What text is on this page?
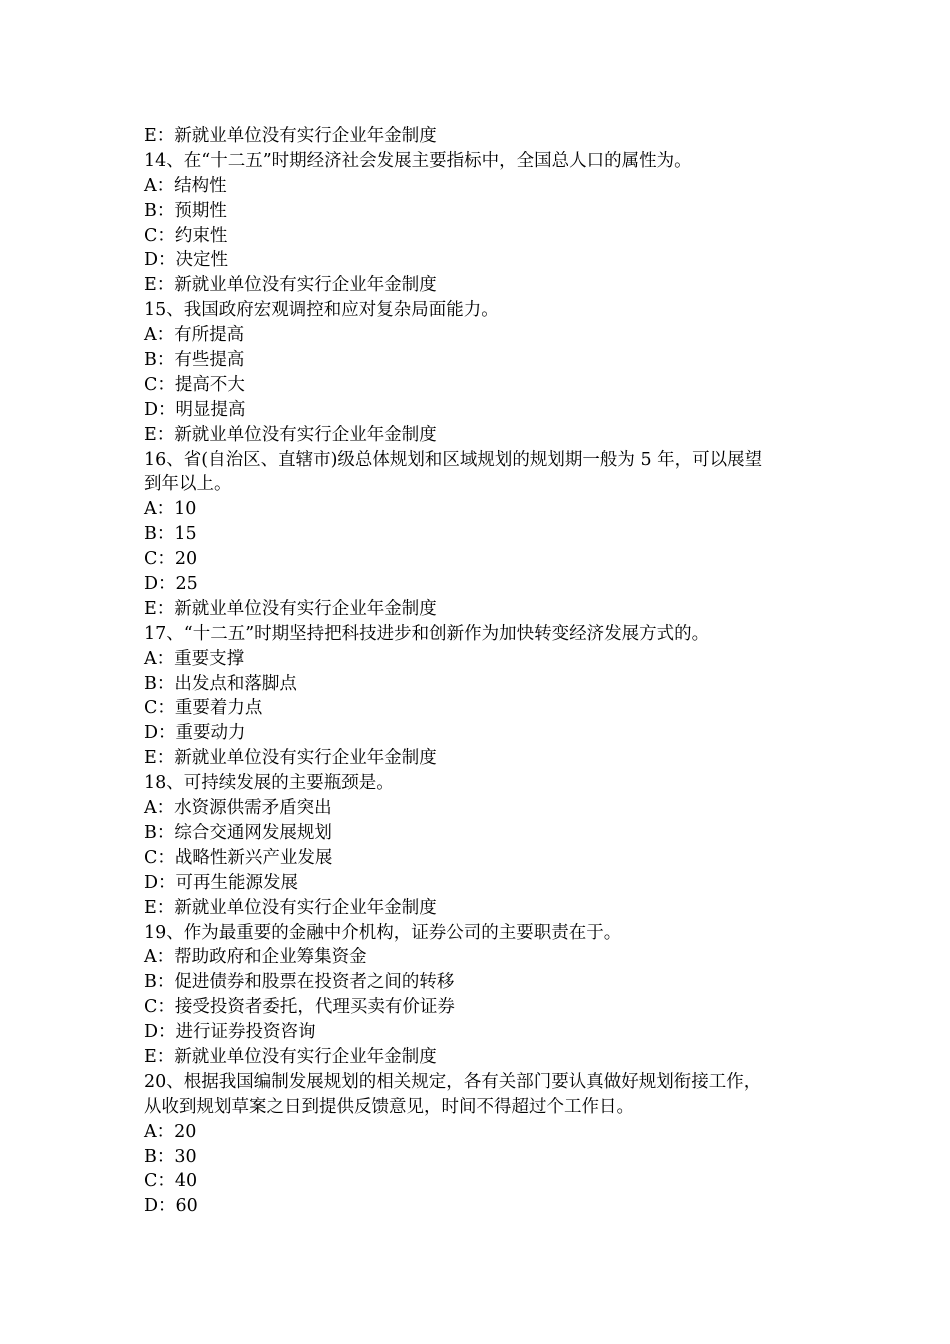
E：新就业单位没有实行企业年金制度

14、在“十二五”时期经济社会发展主要指标中，全国总人口的属性为。

A：结构性

B：预期性

C：约束性

D：决定性

E：新就业单位没有实行企业年金制度

15、我国政府宏观调控和应对复杂局面能力。

A：有所提高

B：有些提高

C：提高不大

D：明显提高

E：新就业单位没有实行企业年金制度

16、省(自治区、直辖市)级总体规划和区域规划的规划期一般为 5 年，可以展望

到年以上。

A：10

B：15

C：20

D：25

E：新就业单位没有实行企业年金制度

17、“十二五”时期坚持把科技进步和创新作为加快转变经济发展方式的。

A：重要支撑

B：出发点和落脚点

C：重要着力点

D：重要动力

E：新就业单位没有实行企业年金制度

18、可持续发展的主要瓶颈是。

A：水资源供需矛盾突出

B：综合交通网发展规划

C：战略性新兴产业发展

D：可再生能源发展

E：新就业单位没有实行企业年金制度

19、作为最重要的金融中介机构，证券公司的主要职责在于。

A：帮助政府和企业筹集资金

B：促进债券和股票在投资者之间的转移

C：接受投资者委托，代理买卖有价证券

D：进行证券投资咨询

E：新就业单位没有实行企业年金制度

20、根据我国编制发展规划的相关规定，各有关部门要认真做好规划衔接工作，

从收到规划草案之日到提供反馈意见，时间不得超过个工作日。

A：20

B：30

C：40

D：60
